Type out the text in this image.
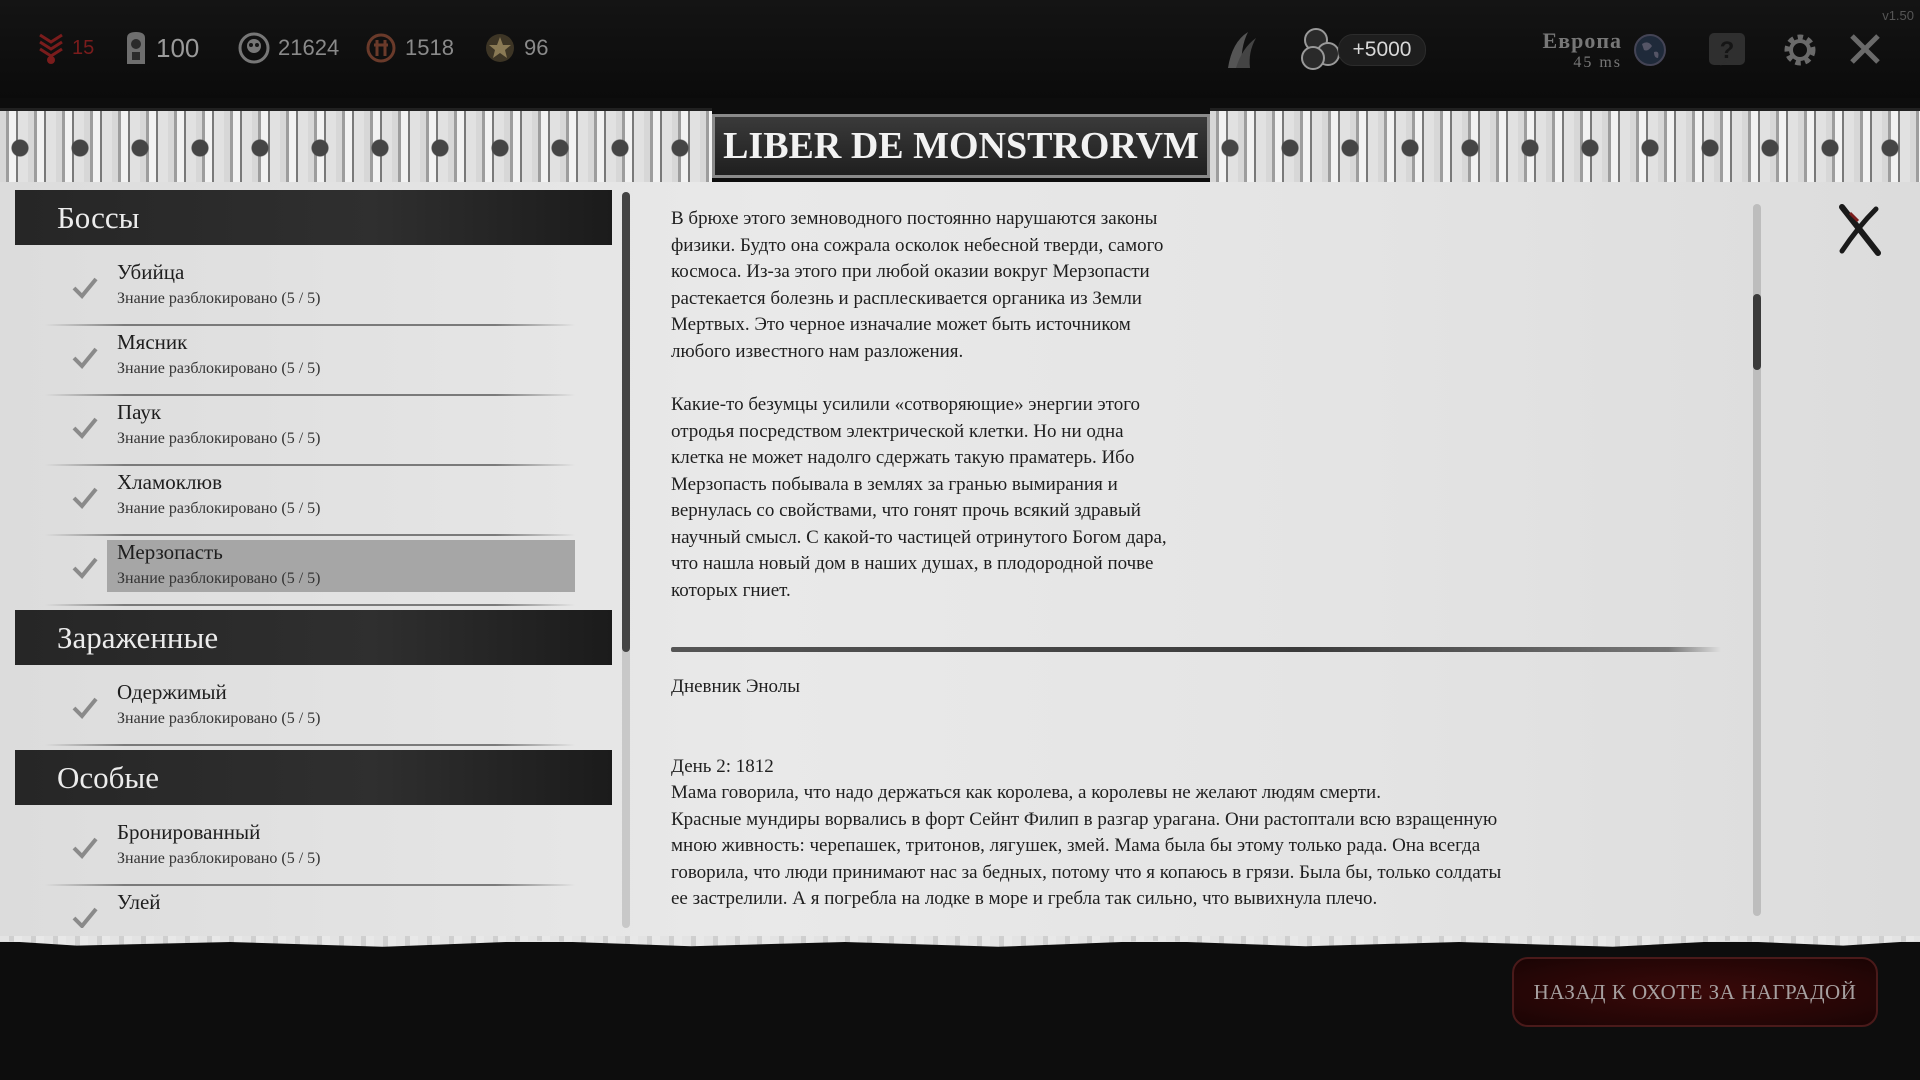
15 100	21624	1518	96	+5000	Европа
45 ms	?
v1.50
LIBER DE MONSTRORVM
Боссы
Убийца
Знание разблокировано (5 / 5)
Мясник
Знание разблокировано (5 / 5)
Паук
Знание разблокировано (5 / 5)
Хламоклюв
Знание разблокировано (5 / 5)
Мерзопасть
Знание разблокировано (5 / 5)
Зараженные
Одержимый
Знание разблокировано (5 / 5)
Особые
Бронированный
Знание разблокировано (5 / 5)
Улей

В брюхе этого земноводного постоянно нарушаются законы
физики. Будто она сожрала осколок небесной тверди, самого
космоса. Из-за этого при любой оказии вокруг Мерзопасти
растекается болезнь и расплескивается органика из Земли
Мертвых. Это черное изначалие может быть источником
любого известного нам разложения.

Какие-то безумцы усилили «сотворяющие» энергии этого
отродья посредством электрической клетки. Но ни одна
клетка не может надолго сдержать такую праматерь. Ибо
Мерзопасть побывала в землях за гранью вымирания и
вернулась со свойствами, что гонят прочь всякий здравый
научный смысл. С какой-то частицей отринутого Богом дара,
что нашла новый дом в наших душах, в плодородной почве
которых гниет.

Дневник Энолы
День 2: 1812

Мама говорила, что надо держаться как королева, а королевы не желают людям смерти.
Красные мундиры ворвались в форт Сейнт Филип в разгар урагана. Они растоптали всю взращенную
мною живность: черепашек, тритонов, лягушек, змей. Мама была бы этому только рада. Она всегда
говорила, что люди принимают нас за бедных, потому что я копаюсь в грязи. Была бы, только солдаты
ее застрелили. А я погребла на лодке в море и гребла так сильно, что вывихнула плечо.

НАЗАД К ОХОТЕ ЗА НАГРАДОЙ
